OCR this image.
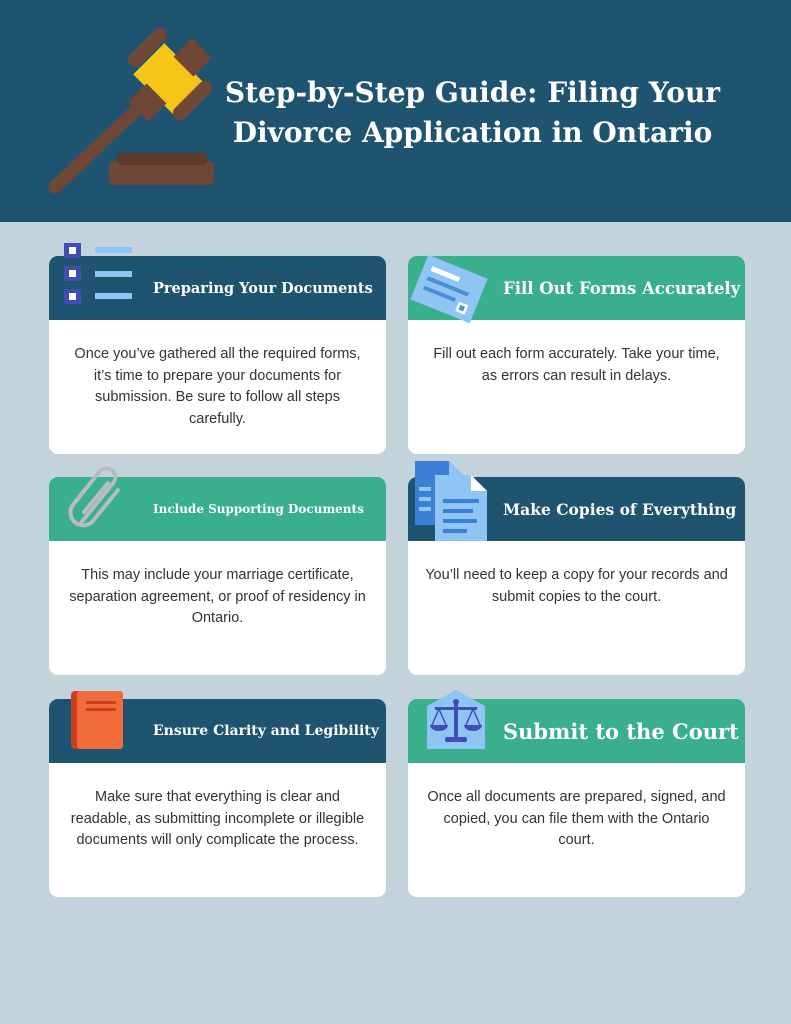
Step-by-Step Guide: Filing Your
Divorce Application in Ontario
Preparing Your Documents
Once you’ve gathered all the required forms, it’s time to prepare your documents for submission. Be sure to follow all steps carefully.
Fill Out Forms Accurately
Fill out each form accurately. Take your time, as errors can result in delays.
Include Supporting Documents
This may include your marriage certificate, separation agreement, or proof of residency in Ontario.
Make Copies of Everything
You’ll need to keep a copy for your records and submit copies to the court.
Ensure Clarity and Legibility
Make sure that everything is clear and readable, as submitting incomplete or illegible documents will only complicate the process.
Submit to the Court
Once all documents are prepared, signed, and copied, you can file them with the Ontario court.
